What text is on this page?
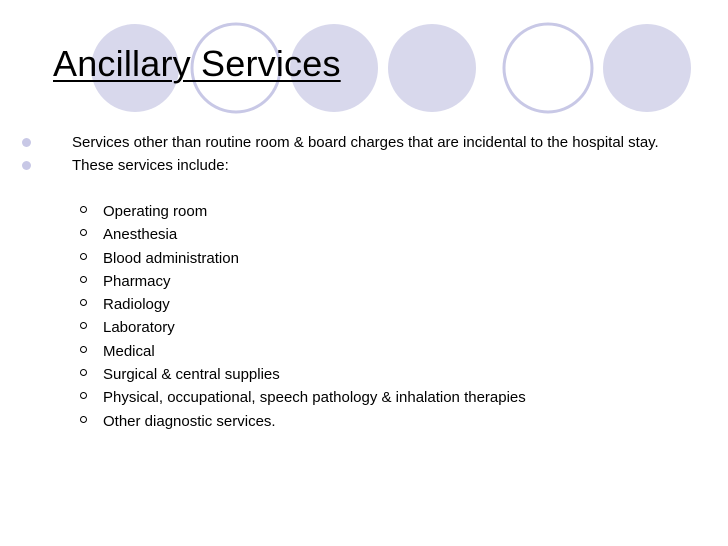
Ancillary Services
Services other than routine room & board charges that are incidental to the hospital stay.
These services include:
Operating room
Anesthesia
Blood administration
Pharmacy
Radiology
Laboratory
Medical
Surgical & central supplies
Physical, occupational, speech pathology & inhalation therapies
Other diagnostic services.
